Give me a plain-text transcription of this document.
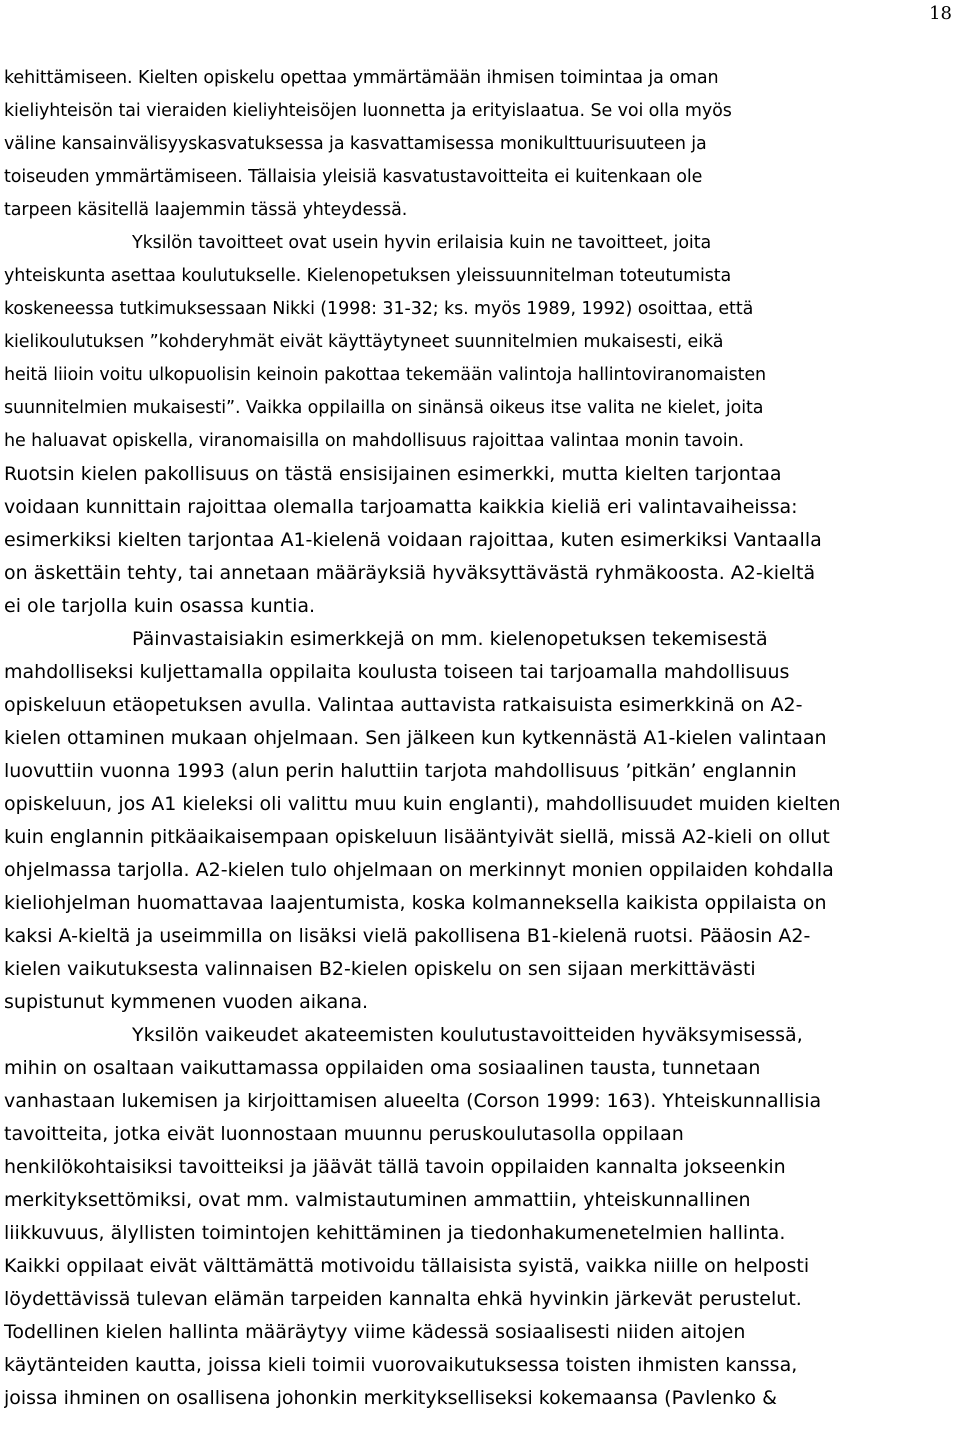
18
kehittämiseen. Kielten opiskelu opettaa ymmärtämään ihmisen toimintaa ja oman
kieliyhteisön tai vieraiden kieliyhteisöjen luonnetta ja erityislaatua. Se voi olla myös
väline kansainvälisyyskasvatuksessa ja kasvattamisessa monikulttuurisuuteen ja
toiseuden ymmärtämiseen. Tällaisia yleisiä kasvatustavoitteita ei kuitenkaan ole
tarpeen käsitellä laajemmin tässä yhteydessä.
Yksilön tavoitteet ovat usein hyvin erilaisia kuin ne tavoitteet, joita
yhteiskunta asettaa koulutukselle. Kielenopetuksen yleissuunnitelman toteutumista
koskeneessa tutkimuksessaan Nikki (1998: 31-32; ks. myös 1989, 1992) osoittaa, että
kielikoulutuksen ”kohderyhmät eivät käyttäytyneet suunnitelmien mukaisesti, eikä
heitä liioin voitu ulkopuolisin keinoin pakottaa tekemään valintoja hallintoviranomaisten
suunnitelmien mukaisesti”. Vaikka oppilailla on sinänsä oikeus itse valita ne kielet, joita
he haluavat opiskella, viranomaisilla on mahdollisuus rajoittaa valintaa monin tavoin.
Ruotsin kielen pakollisuus on tästä ensisijainen esimerkki, mutta kielten tarjontaa
voidaan kunnittain rajoittaa olemalla tarjoamatta kaikkia kieliä eri valintavaiheissa:
esimerkiksi kielten tarjontaa A1-kielenä voidaan rajoittaa, kuten esimerkiksi Vantaalla
on äskettäin tehty, tai annetaan määräyksiä hyväksyttävästä ryhmäkoosta. A2-kieltä
ei ole tarjolla kuin osassa kuntia.
Päinvastaisiakin esimerkkejä on mm. kielenopetuksen tekemisestä
mahdolliseksi kuljettamalla oppilaita koulusta toiseen tai tarjoamalla mahdollisuus
opiskeluun etäopetuksen avulla. Valintaa auttavista ratkaisuista esimerkkinä on A2-
kielen ottaminen mukaan ohjelmaan. Sen jälkeen kun kytkennästä A1-kielen valintaan
luovuttiin vuonna 1993 (alun perin haluttiin tarjota mahdollisuus ’pitkän’ englannin
opiskeluun, jos A1 kieleksi oli valittu muu kuin englanti), mahdollisuudet muiden kielten
kuin englannin pitkäaikaisempaan opiskeluun lisääntyivät siellä, missä A2-kieli on ollut
ohjelmassa tarjolla. A2-kielen tulo ohjelmaan on merkinnyt monien oppilaiden kohdalla
kieliohjelman huomattavaa laajentumista, koska kolmanneksella kaikista oppilaista on
kaksi A-kieltä ja useimmilla on lisäksi vielä pakollisena B1-kielenä ruotsi. Pääosin A2-
kielen vaikutuksesta valinnaisen B2-kielen opiskelu on sen sijaan merkittävästi
supistunut kymmenen vuoden aikana.
Yksilön vaikeudet akateemisten koulutustavoitteiden hyväksymisessä,
mihin on osaltaan vaikuttamassa oppilaiden oma sosiaalinen tausta, tunnetaan
vanhastaan lukemisen ja kirjoittamisen alueelta (Corson 1999: 163). Yhteiskunnallisia
tavoitteita, jotka eivät luonnostaan muunnu peruskoulutasolla oppilaan
henkilökohtaisiksi tavoitteiksi ja jäävät tällä tavoin oppilaiden kannalta jokseenkin
merkityksettömiksi, ovat mm. valmistautuminen ammattiin, yhteiskunnallinen
liikkuvuus, älyllisten toimintojen kehittäminen ja tiedonhakumenetelmien hallinta.
Kaikki oppilaat eivät välttämättä motivoidu tällaisista syistä, vaikka niille on helposti
löydettävissä tulevan elämän tarpeiden kannalta ehkä hyvinkin järkevät perustelut.
Todellinen kielen hallinta määräytyy viime kädessä sosiaalisesti niiden aitojen
käytänteiden kautta, joissa kieli toimii vuorovaikutuksessa toisten ihmisten kanssa,
joissa ihminen on osallisena johonkin merkitykselliseksi kokemaansa (Pavlenko &
